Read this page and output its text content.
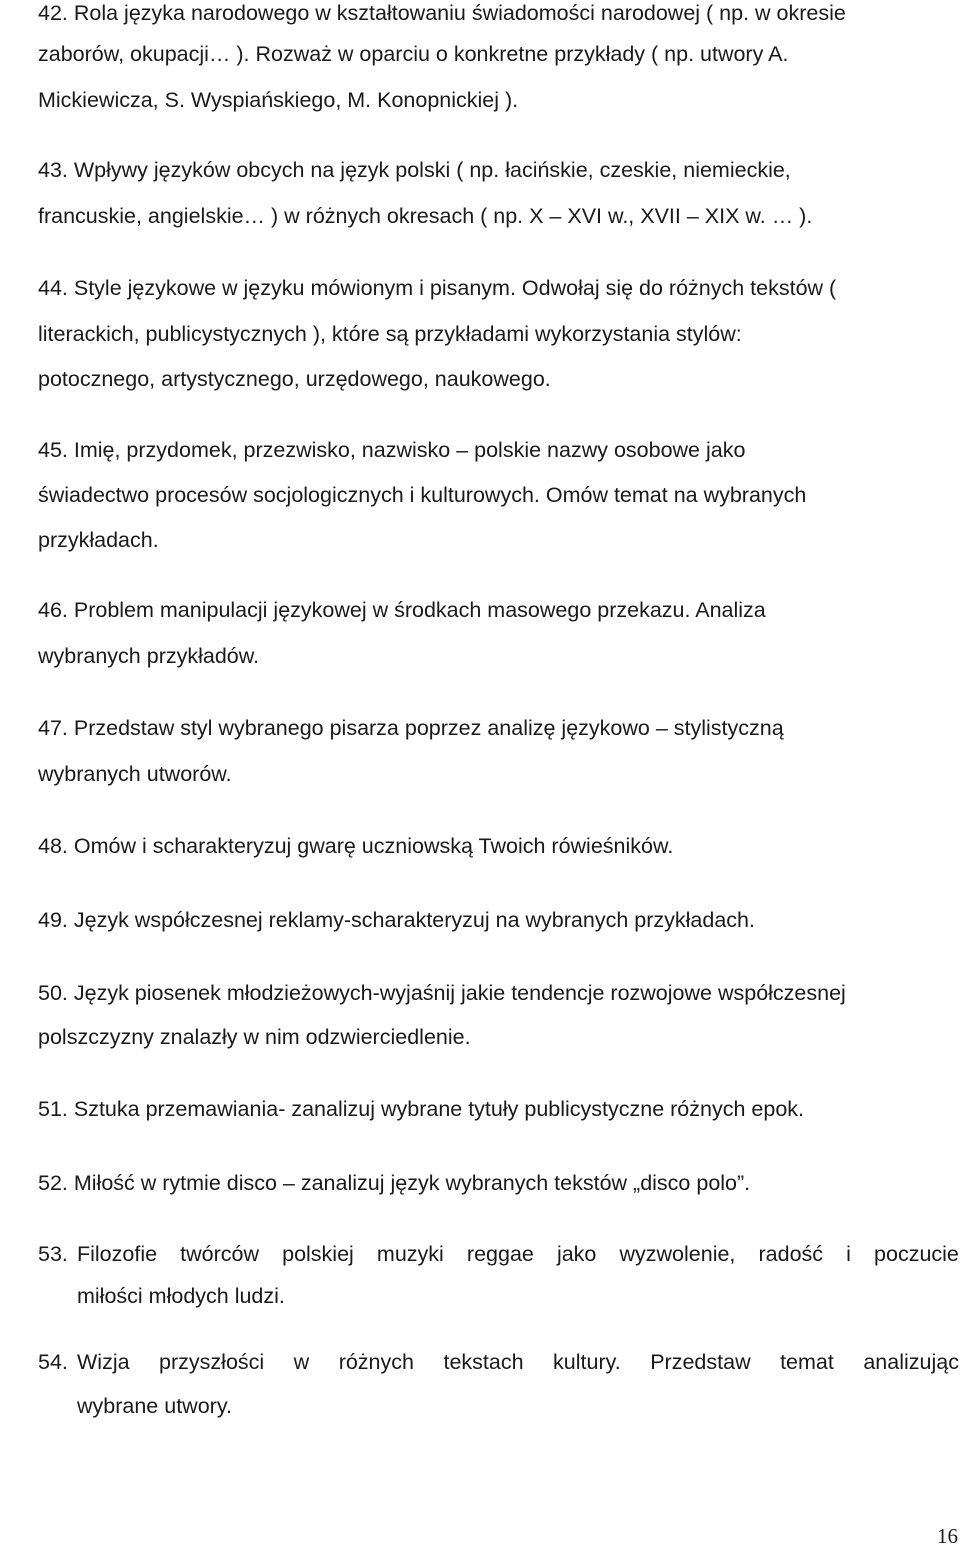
42. Rola języka narodowego w kształtowaniu świadomości narodowej ( np. w okresie
zaborów, okupacji… ). Rozważ w oparciu o konkretne przykłady ( np. utwory A.
Mickiewicza, S. Wyspiańskiego, M. Konopnickiej ).
43. Wpływy języków obcych na język polski ( np. łacińskie, czeskie, niemieckie,
francuskie, angielskie… ) w różnych okresach ( np. X – XVI w., XVII – XIX w. … ).
44. Style językowe w języku mówionym i pisanym. Odwołaj się do różnych tekstów (
literackich, publicystycznych ), które są przykładami wykorzystania stylów:
potocznego, artystycznego, urzędowego, naukowego.
45. Imię, przydomek, przezwisko, nazwisko – polskie nazwy osobowe jako
świadectwo procesów socjologicznych i kulturowych. Omów temat na wybranych
przykładach.
46. Problem manipulacji językowej w środkach masowego przekazu. Analiza
wybranych przykładów.
47. Przedstaw styl wybranego pisarza poprzez analizę językowo – stylistyczną
wybranych utworów.
48. Omów i scharakteryzuj gwarę uczniowską Twoich rówieśników.
49. Język współczesnej reklamy-scharakteryzuj na wybranych przykładach.
50. Język piosenek młodzieżowych-wyjaśnij jakie tendencje rozwojowe współczesnej
polszczyzny znalazły w nim odzwierciedlenie.
51. Sztuka przemawiania- zanalizuj wybrane tytuły publicystyczne różnych epok.
52. Miłość w rytmie disco – zanalizuj język wybranych tekstów „disco polo”.
53. Filozofie twórców polskiej muzyki reggae jako wyzwolenie, radość i poczucie
miłości młodych ludzi.
54. Wizja przyszłości w różnych tekstach kultury. Przedstaw temat analizując
wybrane utwory.
16
